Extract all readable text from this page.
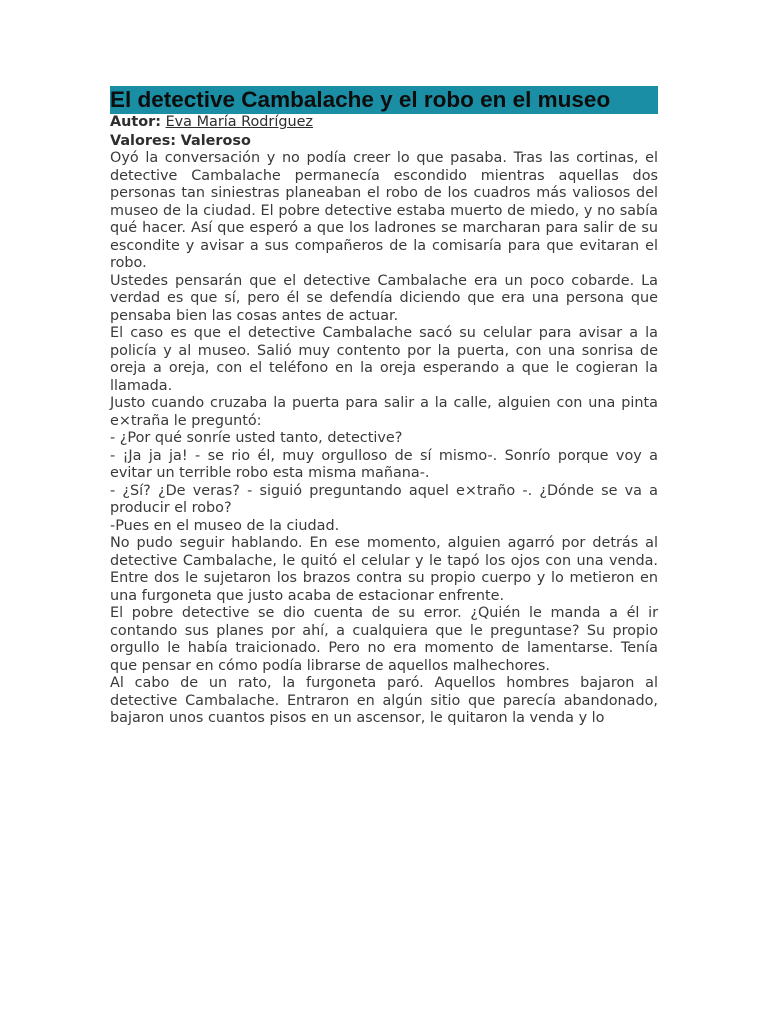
El detective Cambalache y el robo en el museo
Autor: Eva María Rodríguez
Valores: Valeroso

Oyó la conversación y no podía creer lo que pasaba. Tras las cortinas, el detective Cambalache permanecía escondido mientras aquellas dos personas tan siniestras planeaban el robo de los cuadros más valiosos del museo de la ciudad. El pobre detective estaba muerto de miedo, y no sabía qué hacer. Así que esperó a que los ladrones se marcharan para salir de su escondite y avisar a sus compañeros de la comisaría para que evitaran el robo.

Ustedes pensarán que el detective Cambalache era un poco cobarde. La verdad es que sí, pero él se defendía diciendo que era una persona que pensaba bien las cosas antes de actuar.

El caso es que el detective Cambalache sacó su celular para avisar a la policía y al museo. Salió muy contento por la puerta, con una sonrisa de oreja a oreja, con el teléfono en la oreja esperando a que le cogieran la llamada.

Justo cuando cruzaba la puerta para salir a la calle, alguien con una pinta e×traña le preguntó:

- ¿Por qué sonríe usted tanto, detective?

- ¡Ja ja ja! - se rio él, muy orgulloso de sí mismo-. Sonrío porque voy a evitar un terrible robo esta misma mañana-.

- ¿Sí? ¿De veras? - siguió preguntando aquel e×traño -. ¿Dónde se va a producir el robo?

-Pues en el museo de la ciudad.

No pudo seguir hablando. En ese momento, alguien agarró por detrás al detective Cambalache, le quitó el celular y le tapó los ojos con una venda. Entre dos le sujetaron los brazos contra su propio cuerpo y lo metieron en una furgoneta que justo acaba de estacionar enfrente.

El pobre detective se dio cuenta de su error. ¿Quién le manda a él ir contando sus planes por ahí, a cualquiera que le preguntase? Su propio orgullo le había traicionado. Pero no era momento de lamentarse. Tenía que pensar en cómo podía librarse de aquellos malhechores.

Al cabo de un rato, la furgoneta paró. Aquellos hombres bajaron al detective Cambalache. Entraron en algún sitio que parecía abandonado, bajaron unos cuantos pisos en un ascensor, le quitaron la venda y lo
